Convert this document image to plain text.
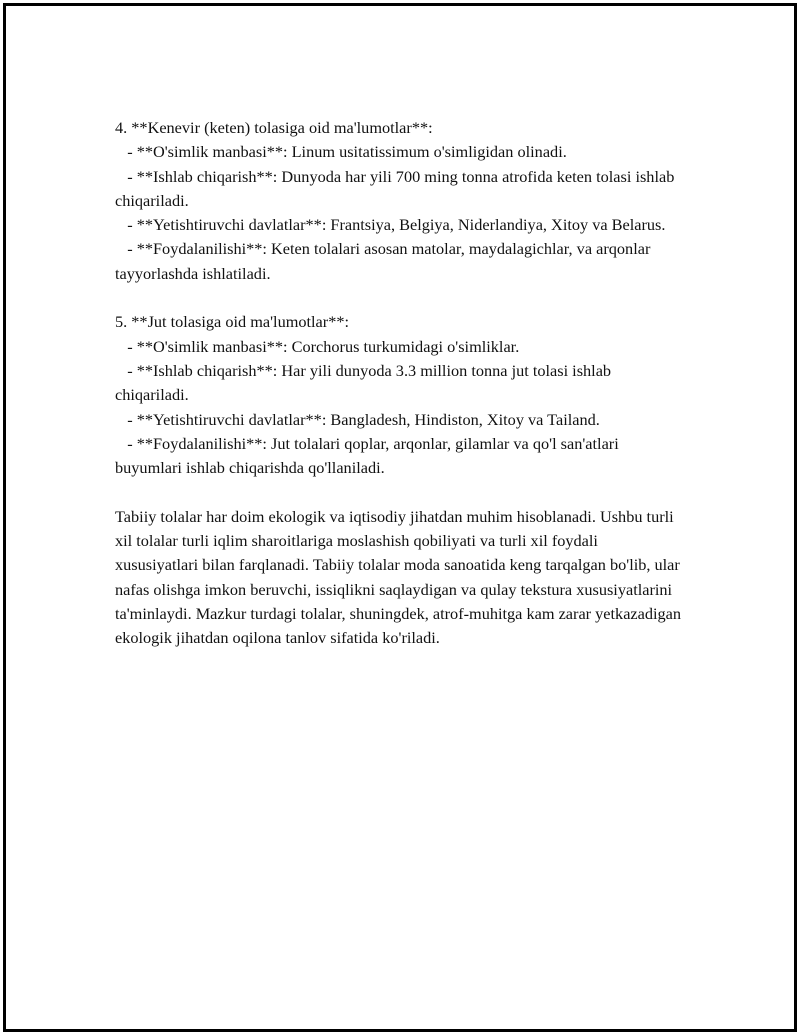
4. **Kenevir (keten) tolasiga oid ma'lumotlar**:

- **O'simlik manbasi**: Linum usitatissimum o'simligidan olinadi.

- **Ishlab chiqarish**: Dunyoda har yili 700 ming tonna atrofida keten tolasi ishlab chiqariladi.

- **Yetishtiruvchi davlatlar**: Frantsiya, Belgiya, Niderlandiya, Xitoy va Belarus.

- **Foydalanilishi**: Keten tolalari asosan matolar, maydalagichlar, va arqonlar tayyorlashda ishlatiladi.

5. **Jut tolasiga oid ma'lumotlar**:

- **O'simlik manbasi**: Corchorus turkumidagi o'simliklar.

- **Ishlab chiqarish**: Har yili dunyoda 3.3 million tonna jut tolasi ishlab chiqariladi.

- **Yetishtiruvchi davlatlar**: Bangladesh, Hindiston, Xitoy va Tailand.

- **Foydalanilishi**: Jut tolalari qoplar, arqonlar, gilamlar va qo'l san'atlari buyumlari ishlab chiqarishda qo'llaniladi.

Tabiiy tolalar har doim ekologik va iqtisodiy jihatdan muhim hisoblanadi. Ushbu turli xil tolalar turli iqlim sharoitlariga moslashish qobiliyati va turli xil foydali xususiyatlari bilan farqlanadi. Tabiiy tolalar moda sanoatida keng tarqalgan bo'lib, ular nafas olishga imkon beruvchi, issiqlikni saqlaydigan va qulay tekstura xususiyatlarini ta'minlaydi. Mazkur turdagi tolalar, shuningdek, atrof-muhitga kam zarar yetkazadigan ekologik jihatdan oqilona tanlov sifatida ko'riladi.
